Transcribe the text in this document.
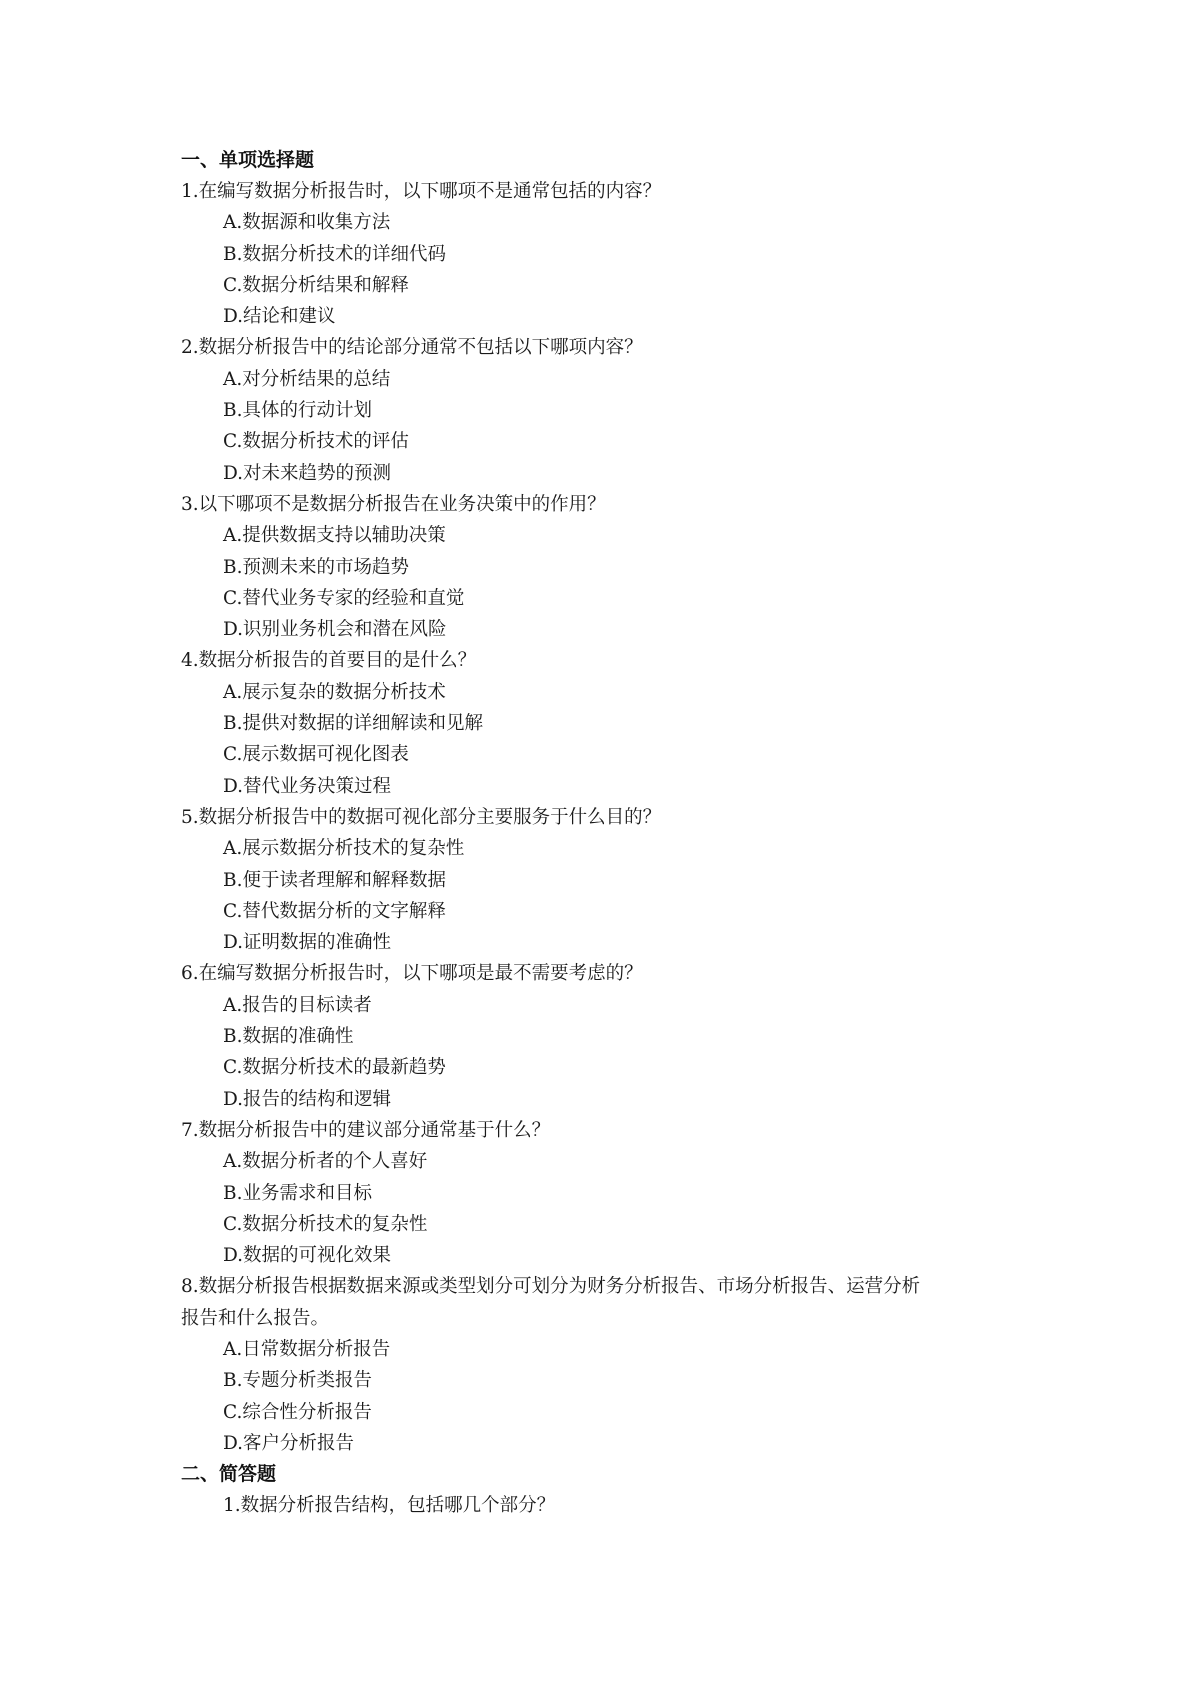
一、单项选择题
1.在编写数据分析报告时，以下哪项不是通常包括的内容？
A.数据源和收集方法
B.数据分析技术的详细代码
C.数据分析结果和解释
D.结论和建议
2.数据分析报告中的结论部分通常不包括以下哪项内容？
A.对分析结果的总结
B.具体的行动计划
C.数据分析技术的评估
D.对未来趋势的预测
3.以下哪项不是数据分析报告在业务决策中的作用？
A.提供数据支持以辅助决策
B.预测未来的市场趋势
C.替代业务专家的经验和直觉
D.识别业务机会和潜在风险
4.数据分析报告的首要目的是什么？
A.展示复杂的数据分析技术
B.提供对数据的详细解读和见解
C.展示数据可视化图表
D.替代业务决策过程
5.数据分析报告中的数据可视化部分主要服务于什么目的？
A.展示数据分析技术的复杂性
B.便于读者理解和解释数据
C.替代数据分析的文字解释
D.证明数据的准确性
6.在编写数据分析报告时，以下哪项是最不需要考虑的？
A.报告的目标读者
B.数据的准确性
C.数据分析技术的最新趋势
D.报告的结构和逻辑
7.数据分析报告中的建议部分通常基于什么？
A.数据分析者的个人喜好
B.业务需求和目标
C.数据分析技术的复杂性
D.数据的可视化效果
8.数据分析报告根据数据来源或类型划分可划分为财务分析报告、市场分析报告、运营分析
报告和什么报告。
A.日常数据分析报告
B.专题分析类报告
C.综合性分析报告
D.客户分析报告
二、简答题
1.数据分析报告结构，包括哪几个部分？
